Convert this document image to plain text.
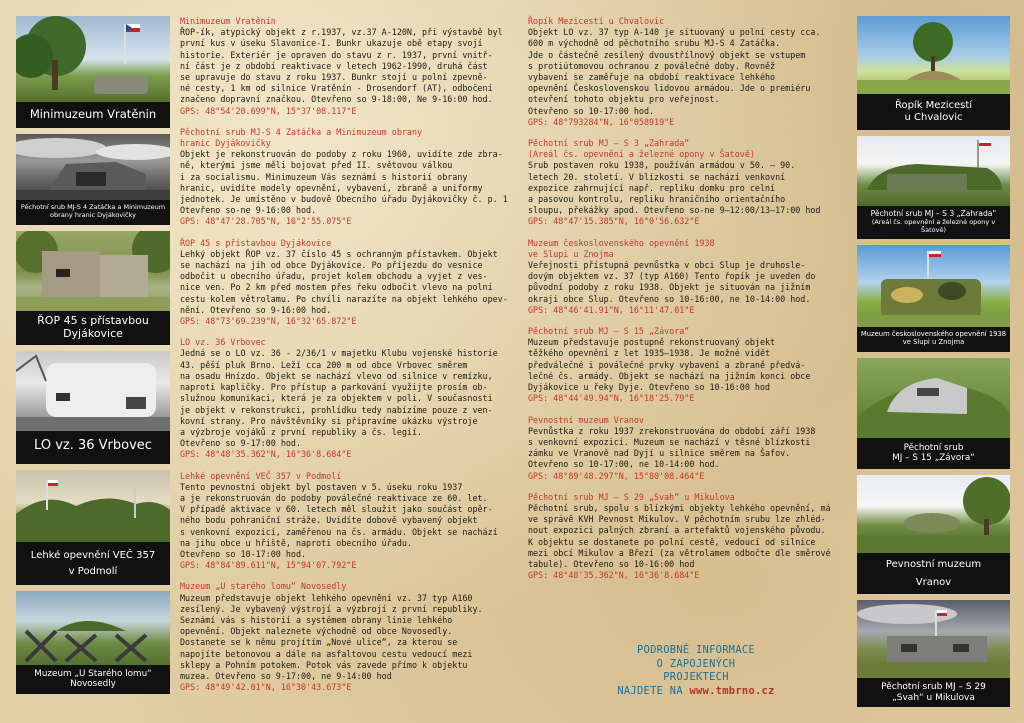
Minimuzeum Vratěnin
Pěchotní srub MJ-S 4 Zatáčka a Minimuzeum obrany hranic Dyjákovičky
ŘOP 45 s přístavbou
Dyjákovice
LO vz. 36 Vrbovec
Lehké opevnění VEČ 357
v Podmolí
Muzeum „U Starého lomu“
Novosedly
Minimuzeum Vratěnin
ŘOP-ík, atypický objekt z r.1937, vz.37 A-120N, při výstavbě byl
první kus v úseku Slavonice-I. Bunkr ukazuje obě etapy svojí
historie. Exteriér je opraven do stavu z r. 1937, první vnitř-
ní část je z období reaktivace v letech 1962-1990, druhá část
se upravuje do stavu z roku 1937. Bunkr stojí u polní zpevně-
né cesty, 1 km od silnice Vratěnín - Drosendorf (AT), odbočení
značeno dopravní značkou. Otevřeno so 9-18:00, Ne 9-16:00 hod.
GPS: 48°54'20.699"N, 15°37'08.117"E
Pěchotní srub MJ-S 4 Zatáčka a Minimuzeum obrany
hranic Dyjákovičky
Objekt je rekonstruován do podoby z roku 1960, uvidíte zde zbra-
ně, kterými jsme měli bojovat před II. světovou válkou
i za socialismu. Minimuzeum Vás seznámí s historií obrany
hranic, uvidíte modely opevnění, vybavení, zbraně a uniformy
jednotek. Je umístěno v budově Obecního úřadu Dyjákovičky č. p. 1
Otevřeno so-ne 9-16:00 hod.
GPS: 48°47'28.705"N, 16°2'55.075"E
ŘOP 45 s přístavbou Dyjákovice
Lehký objekt ŘOP vz. 37 číslo 45 s ochranným přístavkem. Objekt
se nachází na jih od obce Dyjákovice. Po příjezdu do vesnice
odbočit u obecního úřadu, projet kolem obchodu a vyjet z ves-
nice ven. Po 2 km před mostem přes řeku odbočit vlevo na polní
cestu kolem větrolamu. Po chvíli narazíte na objekt lehkého opev-
nění. Otevřeno so 9-16:00 hod.
GPS: 48°73'69.239"N, 16°32'65.872"E
LO vz. 36 Vrbovec
Jedná se o LO vz. 36 - 2/36/1 v majetku Klubu vojenské historie
43. pěší pluk Brno. Leží cca 200 m od obce Vrbovec směrem
na osadu Hnízdo. Objekt se nachází vlevo od silnice v remízku,
naproti kapličky. Pro přístup a parkování využijte prosím ob-
služnou komunikaci, která je za objektem v poli. V současnosti
je objekt v rekonstrukci, prohlídku tedy nabízíme pouze z ven-
kovní strany. Pro návštěvníky si připravíme ukázku výstroje
a výzbroje vojáků z první republiky a čs. legií.
Otevřeno so 9-17:00 hod.
GPS: 48°48'35.362"N, 16°36'8.684"E
Lehké opevnění VEČ 357 v Podmolí
Tento pevnostní objekt byl postaven v 5. úseku roku 1937
a je rekonstruován do podoby poválečné reaktivace ze 60. let.
V případě aktivace v 60. letech měl sloužit jako součást opěr-
ného bodu pohraniční stráže. Uvidíte dobově vybavený objekt
s venkovní expozicí, zaměřenou na čs. armádu. Objekt se nachází
na jihu obce u hřiště, naproti obecního úřadu.
Otevřeno so 10-17:00 hod.
GPS: 48°84'89.611"N, 15°94'07.792"E
Muzeum „U starého lomu“ Novosedly
Muzeum představuje objekt lehkého opevnění vz. 37 typ A160
zesílený. Je vybavený výstrojí a výzbrojí z první republiky.
Seznámí vás s historií a systémem obrany linie lehkého
opevnění. Objekt naleznete východně od obce Novosedly.
Dostanete se k němu projítím „Nové ulice“, za kterou se
napojíte betonovou a dále na asfaltovou cestu vedoucí mezi
sklepy a Pohním potokem. Potok vás zavede přímo k objektu
muzea. Otevřeno so 9-17:00, ne 9-14:00 hod
GPS: 48°49'42.01"N, 16°30'43.673"E
Řopík Mezicestí u Chvalovic
Objekt LO vz. 37 typ A-140 je situovaný u polní cesty cca.
600 m východně od pěchotního srubu MJ-S 4 Zatáčka.
Jde o částečně zesílený dvoustřílnový objekt se vstupem
s protiútomovou ochranou z poválečné doby. Rovněž
vybavení se zaměřuje na období reaktivace lehkého
opevnění Československou lidovou armádou. Jde o premiéru
otevření tohoto objektu pro veřejnost.
Otevřeno so 10-17:00 hod.
GPS: 48°793284"N, 16°058919"E
Pěchotní srub MJ – S 3 „Zahrada“
(Areál čs. opevnění a železné opony v Šatově)
Srub postaven roku 1938, používán armádou v 50. – 90.
letech 20. století. V blízkosti se nachází venkovní
expozice zahrnující např. repliku domku pro celní
a pasovou kontrolu, repliku hraničního orientačního
sloupu, překážky apod. Otevřeno so-ne 9–12:00/13–17:00 hod
GPS: 48°47'15.385"N, 16°0'56.632"E
Muzeum československého opevnění 1938
ve Slupi u Znojma
Veřejnosti přístupná pevnůstka v obci Slup je druhosle-
dovým objektem vz. 37 (typ A160) Tento řopík je uveden do
původní podoby z roku 1938. Objekt je situován na jižním
okraji obce Slup. Otevřeno so 10-16:00, ne 10-14:00 hod.
GPS: 48°46'41.91"N, 16°11'47.01"E
Pěchotní srub MJ – S 15 „Závora“
Muzeum představuje postupně rekonstruovaný objekt
těžkého opevnění z let 1935–1938. Je možné vidět
předválečné i poválečné prvky vybavení a zbraně předvá-
lečné čs. armády. Objekt se nachází na jižním konci obce
Dyjákovice u řeky Dyje. Otevřeno so 10-16:00 hod
GPS: 48°44'49.94"N, 16°18'25.79"E
Pevnostní muzeum Vranov
Pevnůstka z roku 1937 zrekonstruována do období září 1938
s venkovní expozicí. Muzeum se nachází v těsné blízkosti
zámku ve Vranově nad Dyjí u silnice směrem na Šafov.
Otevřeno so 10-17:00, ne 10-14:00 hod.
GPS: 48°89'48.297"N, 15°80'08.464"E
Pěchotní srub MJ – S 29 „Svah“ u Mikulova
Pěchotní srub, spolu s blízkými objekty lehkého opevnění, má
ve správě KVH Pevnost Mikulov. V pěchotním srubu lze zhléd-
nout expozici palných zbraní a artefaktů vojenského původu.
K objektu se dostanete po polní cestě, vedoucí od silnice
mezi obcí Mikulov a Březí (za větrolamem odbočte dle směrové
tabule). Otevřeno so 10-16:00 hod
GPS: 48°48'35.362"N, 16°36'8.684"E
PODROBNÉ INFORMACE
O ZAPOJENÝCH
PROJEKTECH
NAJDETE NA www.tmbrno.cz
Řopík Mezicestí
u Chvalovic
Pěchotní srub MJ – S 3 „Zahrada“
(Areál čs. opevnění a železné opony v Šatově)
Muzeum československého opevnění 1938 ve Slupi u Znojma
Pěchotní srub
MJ – S 15 „Závora“
Pevnostní muzeum
Vranov
Pěchotní srub MJ – S 29
„Svah“ u Mikulova
